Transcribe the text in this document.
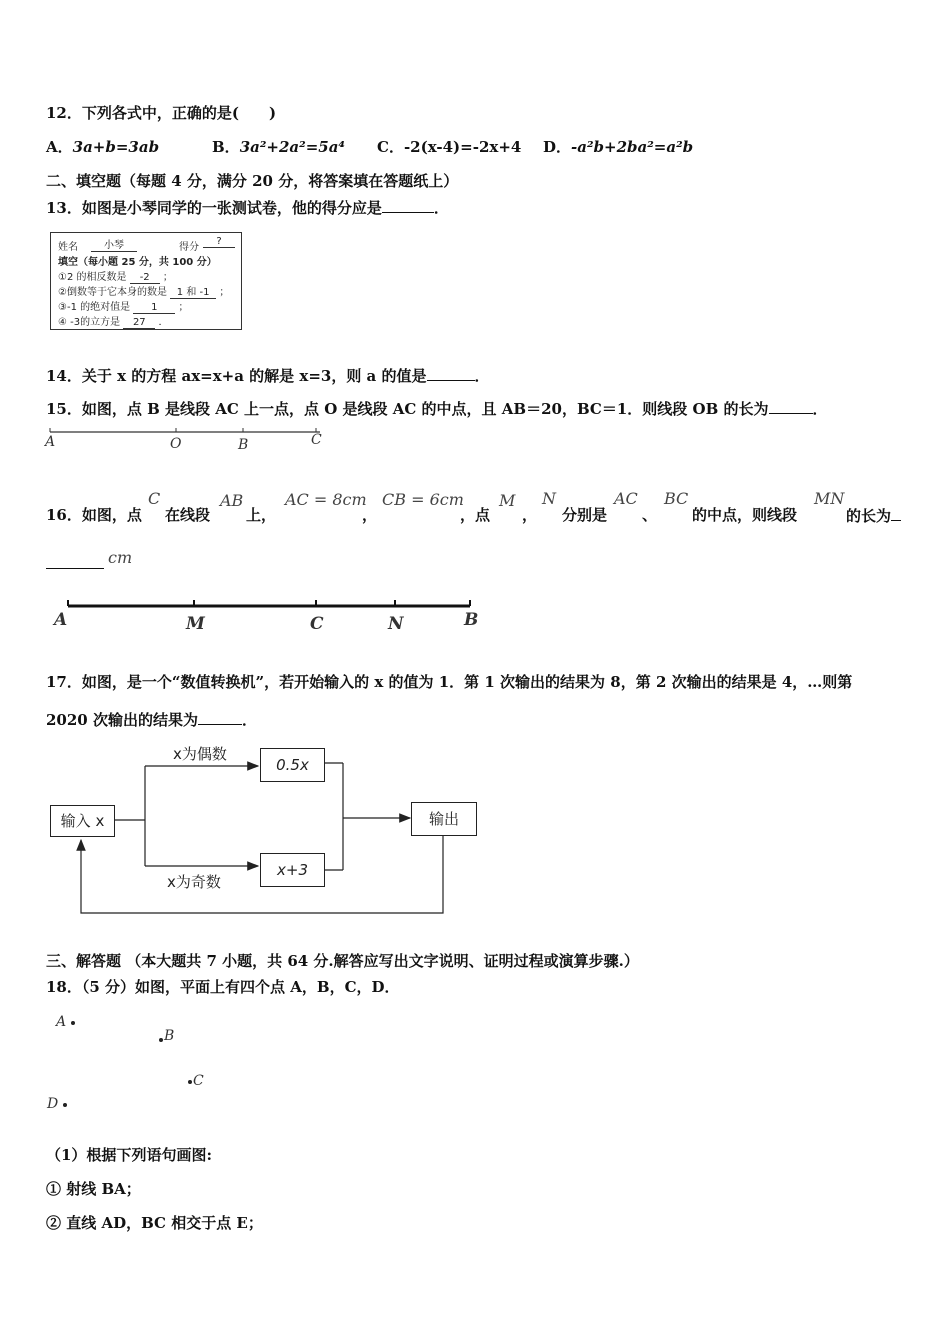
12．下列各式中，正确的是(　　)
A．3a+b=3ab	B．3a²+2a²=5a⁴ C．-2(x-4)=-2x+4 D．-a²b+2ba²=a²b
二、填空题（每题 4 分，满分 20 分，将答案填在答题纸上）
13．如图是小琴同学的一张测试卷，他的得分应是	．
姓名	小琴	得分
?
填空（每小题 25 分，共 100 分）
①2 的相反数是 -2 ；
②倒数等于它本身的数是 1 和 -1 ；
③-1 的绝对值是 1 ；
④ -3的立方是 27 ．
14．关于 x 的方程 ax=x+a 的解是 x=3，则 a 的值是	．
15．如图，点 B 是线段 AC 上一点，点 O 是线段 AC 的中点，且 AB＝20，BC＝1．则线段 OB 的长为	．
A	O	B	C
16．如图，点
C
在线段
AB
上，
AC = 8cm
，
CB = 6cm
，点
M
，
N
分别是
AC
、
BC
的中点，则线段
MN
的长为
cm
A	M	C	N	B
17．如图，是一个“数值转换机”，若开始输入的 x 的值为 1．第 1 次输出的结果为 8，第 2 次输出的结果是 4，…则第
2020 次输出的结果为	．
输入 x
0.5x
x+3
输出
x为偶数
x为奇数
三、解答题 （本大题共 7 小题，共 64 分.解答应写出文字说明、证明过程或演算步骤.）
18．（5 分）如图，平面上有四个点 A，B，C，D．
A
B
C
D
（1）根据下列语句画图:
① 射线 BA；
② 直线 AD，BC 相交于点 E；
